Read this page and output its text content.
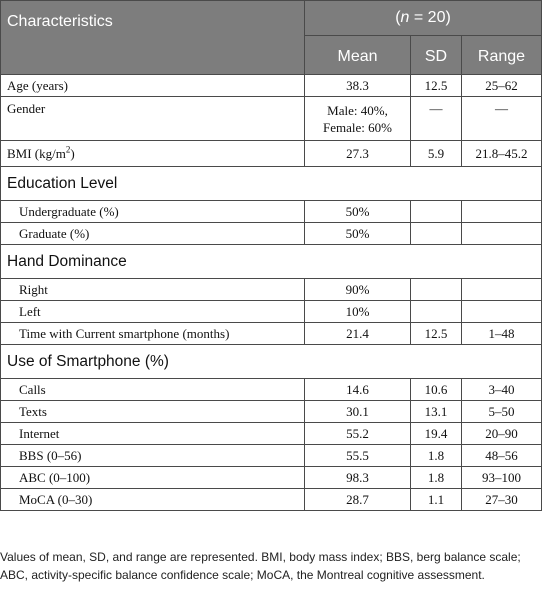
Characteristics	(n = 20)		
	Mean	SD	Range
Age (years)	38.3	12.5	25–62
Gender	Male: 40%,
Female: 60%	—	—
BMI $(kg/m^2)$	27.3	5.9	21.8–45.2
Education Level			
Undergraduate (%)	50%		
Graduate (%)	50%		
Hand Dominance			
Right	90%		
Left	10%		
Time with Current smartphone (months)	21.4	12.5	1–48
Use of Smartphone (%)			
Calls	14.6	10.6	3–40
Texts	30.1	13.1	5–50
Internet	55.2	19.4	20–90
BBS (0–56)	55.5	1.8	48–56
ABC (0–100)	98.3	1.8	93–100
MoCA (0–30)	28.7	1.1	27–30

Values of mean, SD, and range are represented. BMI, body mass index; BBS, berg balance scale; ABC, activity-specific balance confidence scale; MoCA, the Montreal cognitive assessment.
